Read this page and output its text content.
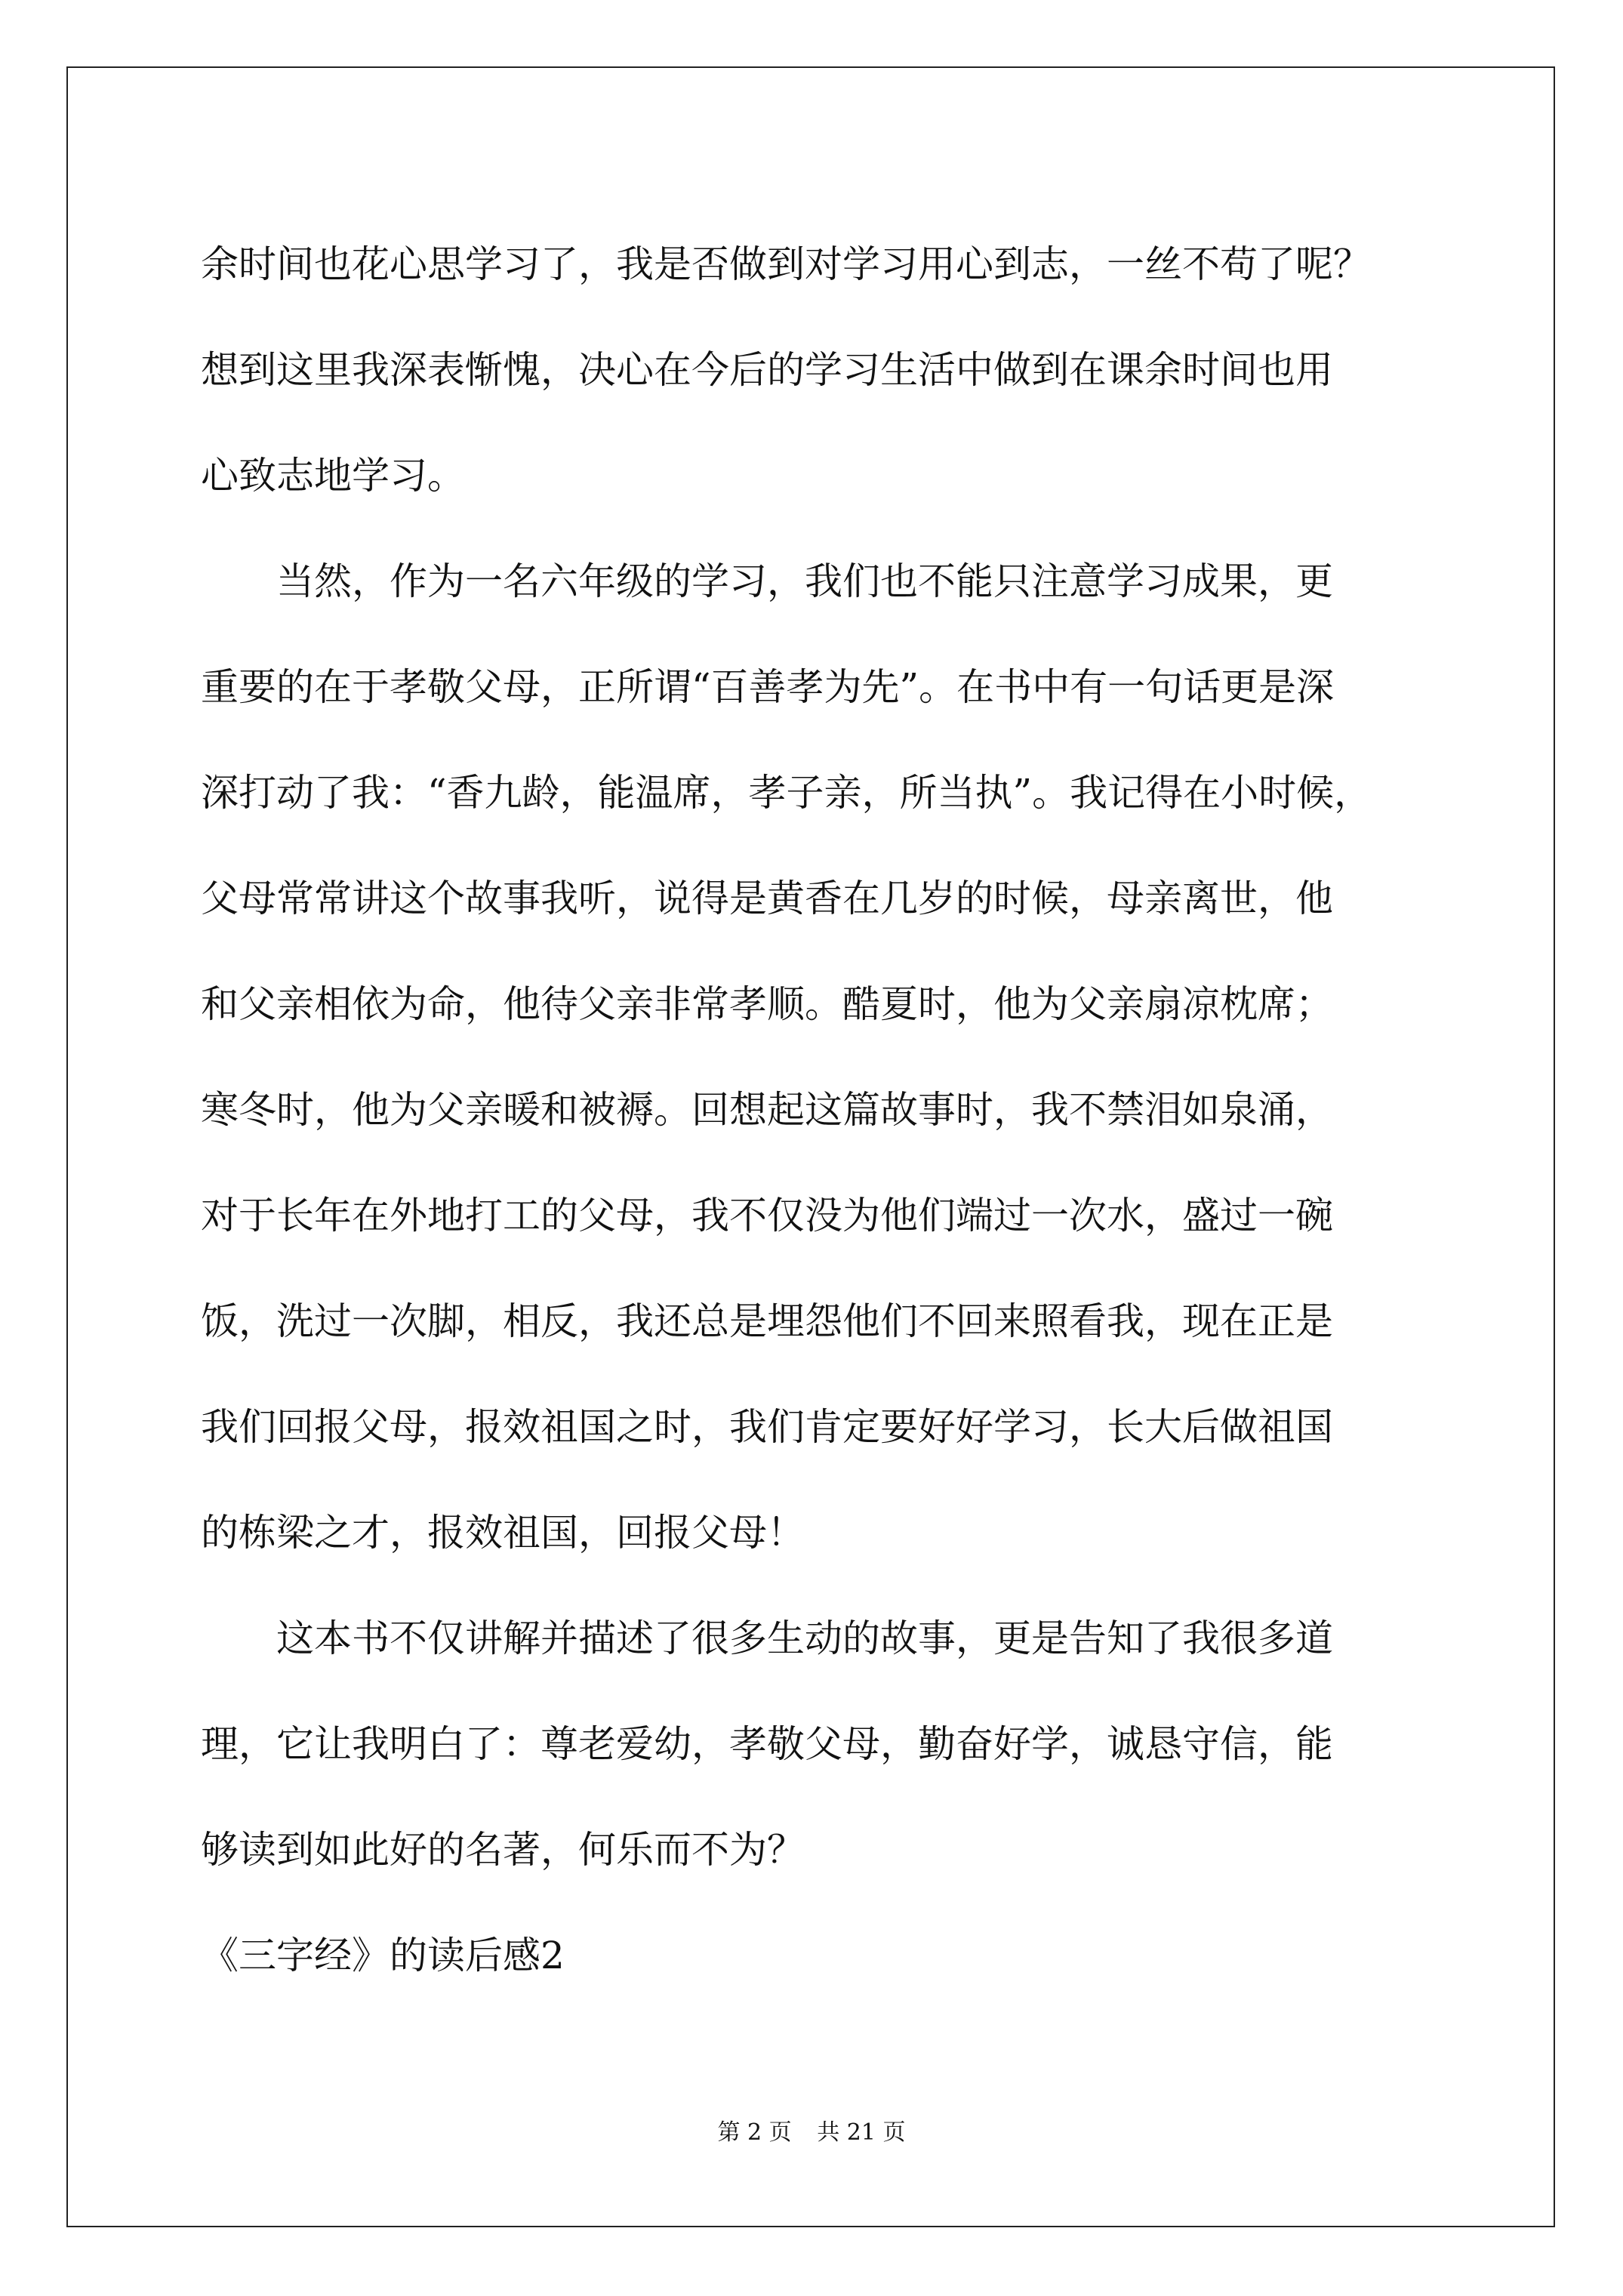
余时间也花心思学习了，我是否做到对学习用心到志，一丝不苟了呢？
想到这里我深表惭愧，决心在今后的学习生活中做到在课余时间也用
心致志地学习。
当然，作为一名六年级的学习，我们也不能只注意学习成果，更
重要的在于孝敬父母，正所谓“百善孝为先”。在书中有一句话更是深
深打动了我：“香九龄，能温席，孝子亲，所当执”。我记得在小时候，
父母常常讲这个故事我听，说得是黄香在几岁的时候，母亲离世，他
和父亲相依为命，他待父亲非常孝顺。酷夏时，他为父亲扇凉枕席；
寒冬时，他为父亲暖和被褥。回想起这篇故事时，我不禁泪如泉涌，
对于长年在外地打工的父母，我不仅没为他们端过一次水，盛过一碗
饭，洗过一次脚，相反，我还总是埋怨他们不回来照看我，现在正是
我们回报父母，报效祖国之时，我们肯定要好好学习，长大后做祖国
的栋梁之才，报效祖国，回报父母！
这本书不仅讲解并描述了很多生动的故事，更是告知了我很多道
理，它让我明白了：尊老爱幼，孝敬父母，勤奋好学，诚恳守信，能
够读到如此好的名著，何乐而不为？
《三字经》的读后感2
第 2 页 共 21 页
